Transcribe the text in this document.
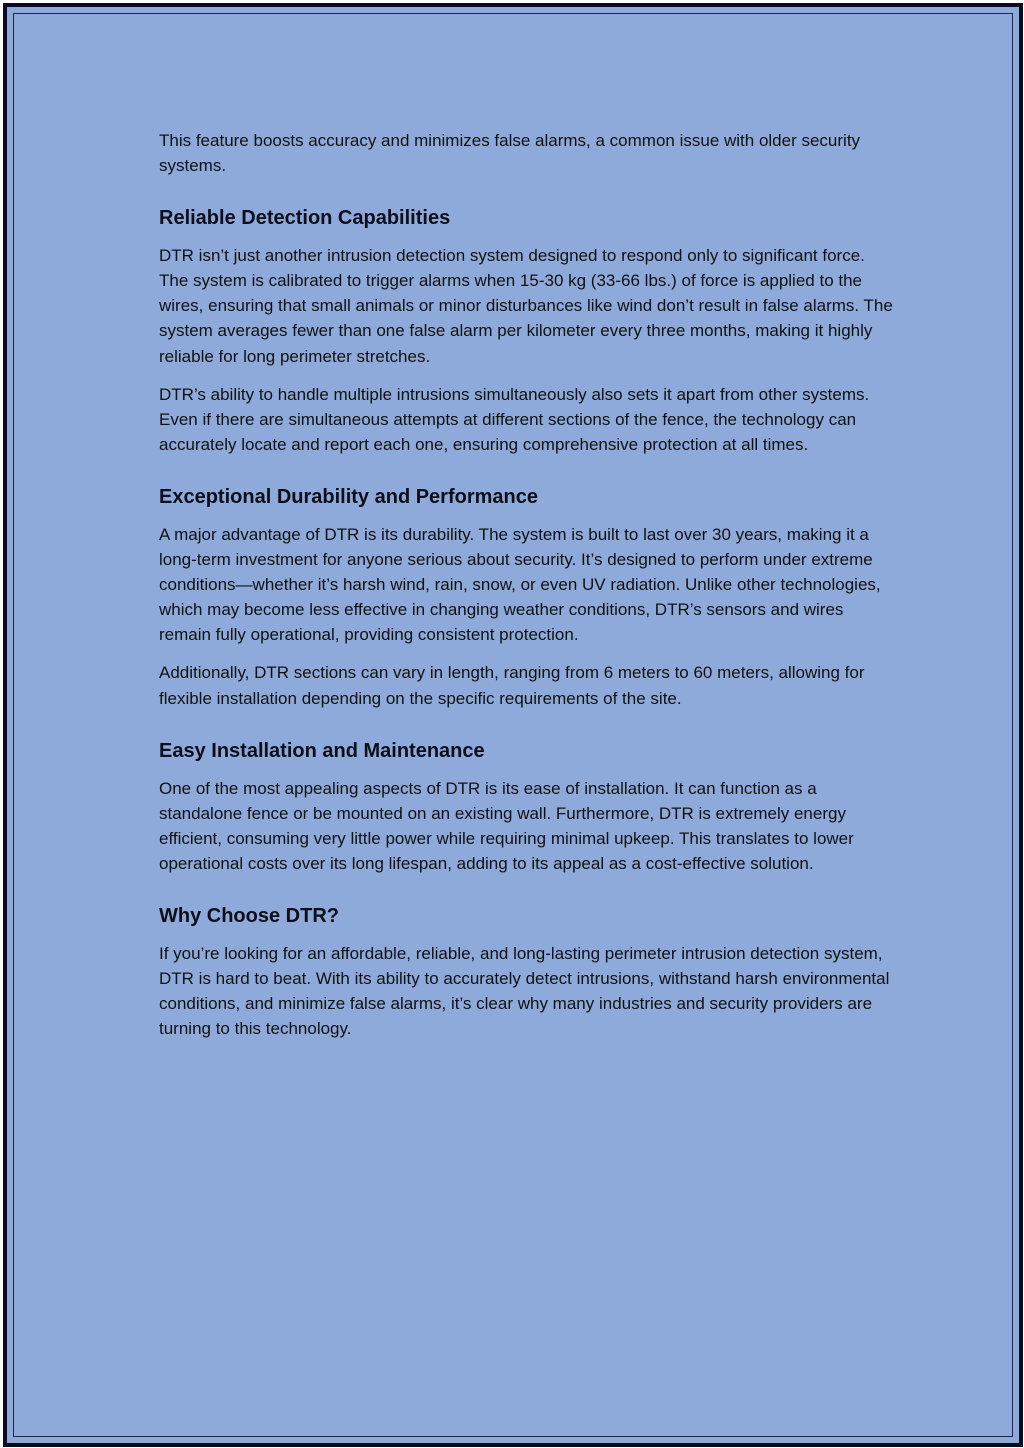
This feature boosts accuracy and minimizes false alarms, a common issue with older security systems.

Reliable Detection Capabilities

DTR isn’t just another intrusion detection system designed to respond only to significant force. The system is calibrated to trigger alarms when 15-30 kg (33-66 lbs.) of force is applied to the wires, ensuring that small animals or minor disturbances like wind don’t result in false alarms. The system averages fewer than one false alarm per kilometer every three months, making it highly reliable for long perimeter stretches.

DTR’s ability to handle multiple intrusions simultaneously also sets it apart from other systems. Even if there are simultaneous attempts at different sections of the fence, the technology can accurately locate and report each one, ensuring comprehensive protection at all times.

Exceptional Durability and Performance

A major advantage of DTR is its durability. The system is built to last over 30 years, making it a long-term investment for anyone serious about security. It’s designed to perform under extreme conditions—whether it’s harsh wind, rain, snow, or even UV radiation. Unlike other technologies, which may become less effective in changing weather conditions, DTR’s sensors and wires remain fully operational, providing consistent protection.

Additionally, DTR sections can vary in length, ranging from 6 meters to 60 meters, allowing for flexible installation depending on the specific requirements of the site.

Easy Installation and Maintenance

One of the most appealing aspects of DTR is its ease of installation. It can function as a standalone fence or be mounted on an existing wall. Furthermore, DTR is extremely energy efficient, consuming very little power while requiring minimal upkeep. This translates to lower operational costs over its long lifespan, adding to its appeal as a cost-effective solution.

Why Choose DTR?

If you’re looking for an affordable, reliable, and long-lasting perimeter intrusion detection system, DTR is hard to beat. With its ability to accurately detect intrusions, withstand harsh environmental conditions, and minimize false alarms, it’s clear why many industries and security providers are turning to this technology.
